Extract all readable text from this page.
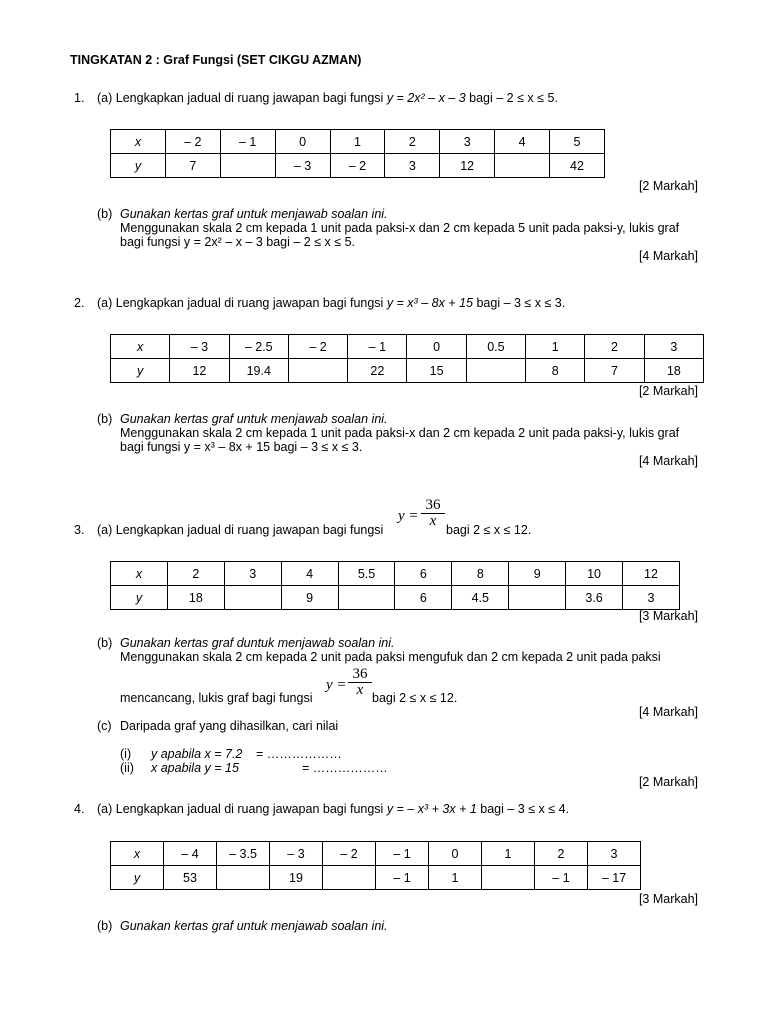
TINGKATAN 2 : Graf Fungsi (SET CIKGU AZMAN)
1. (a) Lengkapkan jadual di ruang jawapan bagi fungsi y = 2x² – x – 3 bagi – 2 ≤ x ≤ 5.
x	– 2	– 1	0	1	2	3	4	5
y	7		– 3	– 2	3	12		42
[2 Markah]
(b) Gunakan kertas graf untuk menjawab soalan ini.
Menggunakan skala 2 cm kepada 1 unit pada paksi-x dan 2 cm kepada 5 unit pada paksi-y, lukis graf
bagi fungsi y = 2x² – x – 3 bagi – 2 ≤ x ≤ 5.
[4 Markah]
2. (a) Lengkapkan jadual di ruang jawapan bagi fungsi y = x³ – 8x + 15 bagi – 3 ≤ x ≤ 3.
x	– 3	– 2.5	– 2	– 1	0	0.5	1	2	3
y	12	19.4		22	15		8	7	18
[2 Markah]
(b) Gunakan kertas graf untuk menjawab soalan ini.
Menggunakan skala 2 cm kepada 1 unit pada paksi-x dan 2 cm kepada 2 unit pada paksi-y, lukis graf
bagi fungsi y = x³ – 8x + 15 bagi – 3 ≤ x ≤ 3.
[4 Markah]
3. (a) Lengkapkan jadual di ruang jawapan bagi fungsi
$y = \frac{36}{x}$
bagi 2 ≤ x ≤ 12.
x	2	3	4	5.5	6	8	9	10	12
y	18		9		6	4.5		3.6	3
[3 Markah]
(b) Gunakan kertas graf duntuk menjawab soalan ini.
Menggunakan skala 2 cm kepada 2 unit pada paksi mengufuk dan 2 cm kepada 2 unit pada paksi
mencancang, lukis graf bagi fungsi
$y = \frac{36}{x}$ bagi 2 ≤ x ≤ 12.
[4 Markah]
(c) Daripada graf yang dihasilkan, cari nilai
(i) y apabila x = 7.2 = ………………
(ii) x apabila y = 15	= ………………
[2 Markah]
4. (a) Lengkapkan jadual di ruang jawapan bagi fungsi y = – x³ + 3x + 1 bagi – 3 ≤ x ≤ 4.
x	– 4	– 3.5	– 3	– 2	– 1	0	1	2	3
y	53		19		– 1	1		– 1	– 17
[3 Markah]
(b) Gunakan kertas graf untuk menjawab soalan ini.
